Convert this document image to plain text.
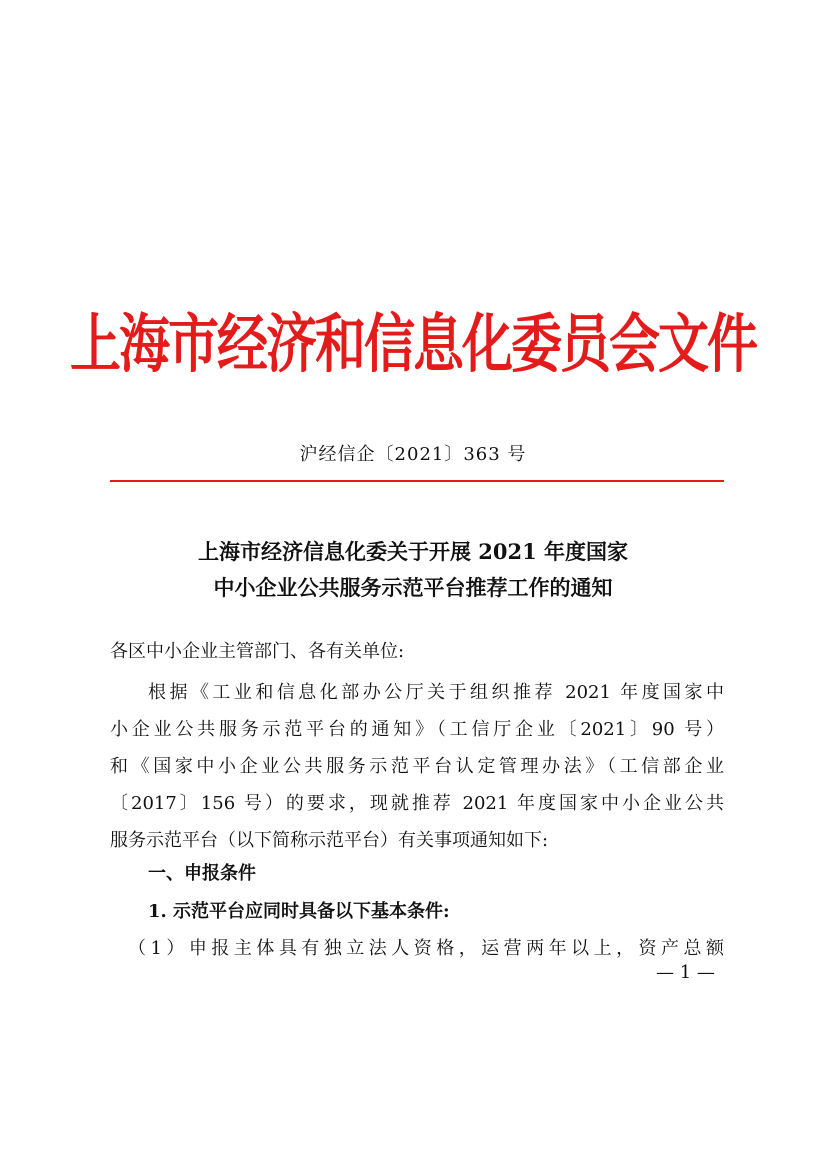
上海市经济和信息化委员会文件
沪经信企〔2021〕363 号
上海市经济信息化委关于开展 2021 年度国家
中小企业公共服务示范平台推荐工作的通知
各区中小企业主管部门、各有关单位:
根据《工业和信息化部办公厅关于组织推荐 2021 年度国家中
小企业公共服务示范平台的通知》（工信厅企业〔2021〕90 号）
和《国家中小企业公共服务示范平台认定管理办法》（工信部企业
〔2017〕156 号）的要求，现就推荐 2021 年度国家中小企业公共
服务示范平台（以下简称示范平台）有关事项通知如下:
一、申报条件
1. 示范平台应同时具备以下基本条件:
（1）申报主体具有独立法人资格，运营两年以上，资产总额
— 1 —
